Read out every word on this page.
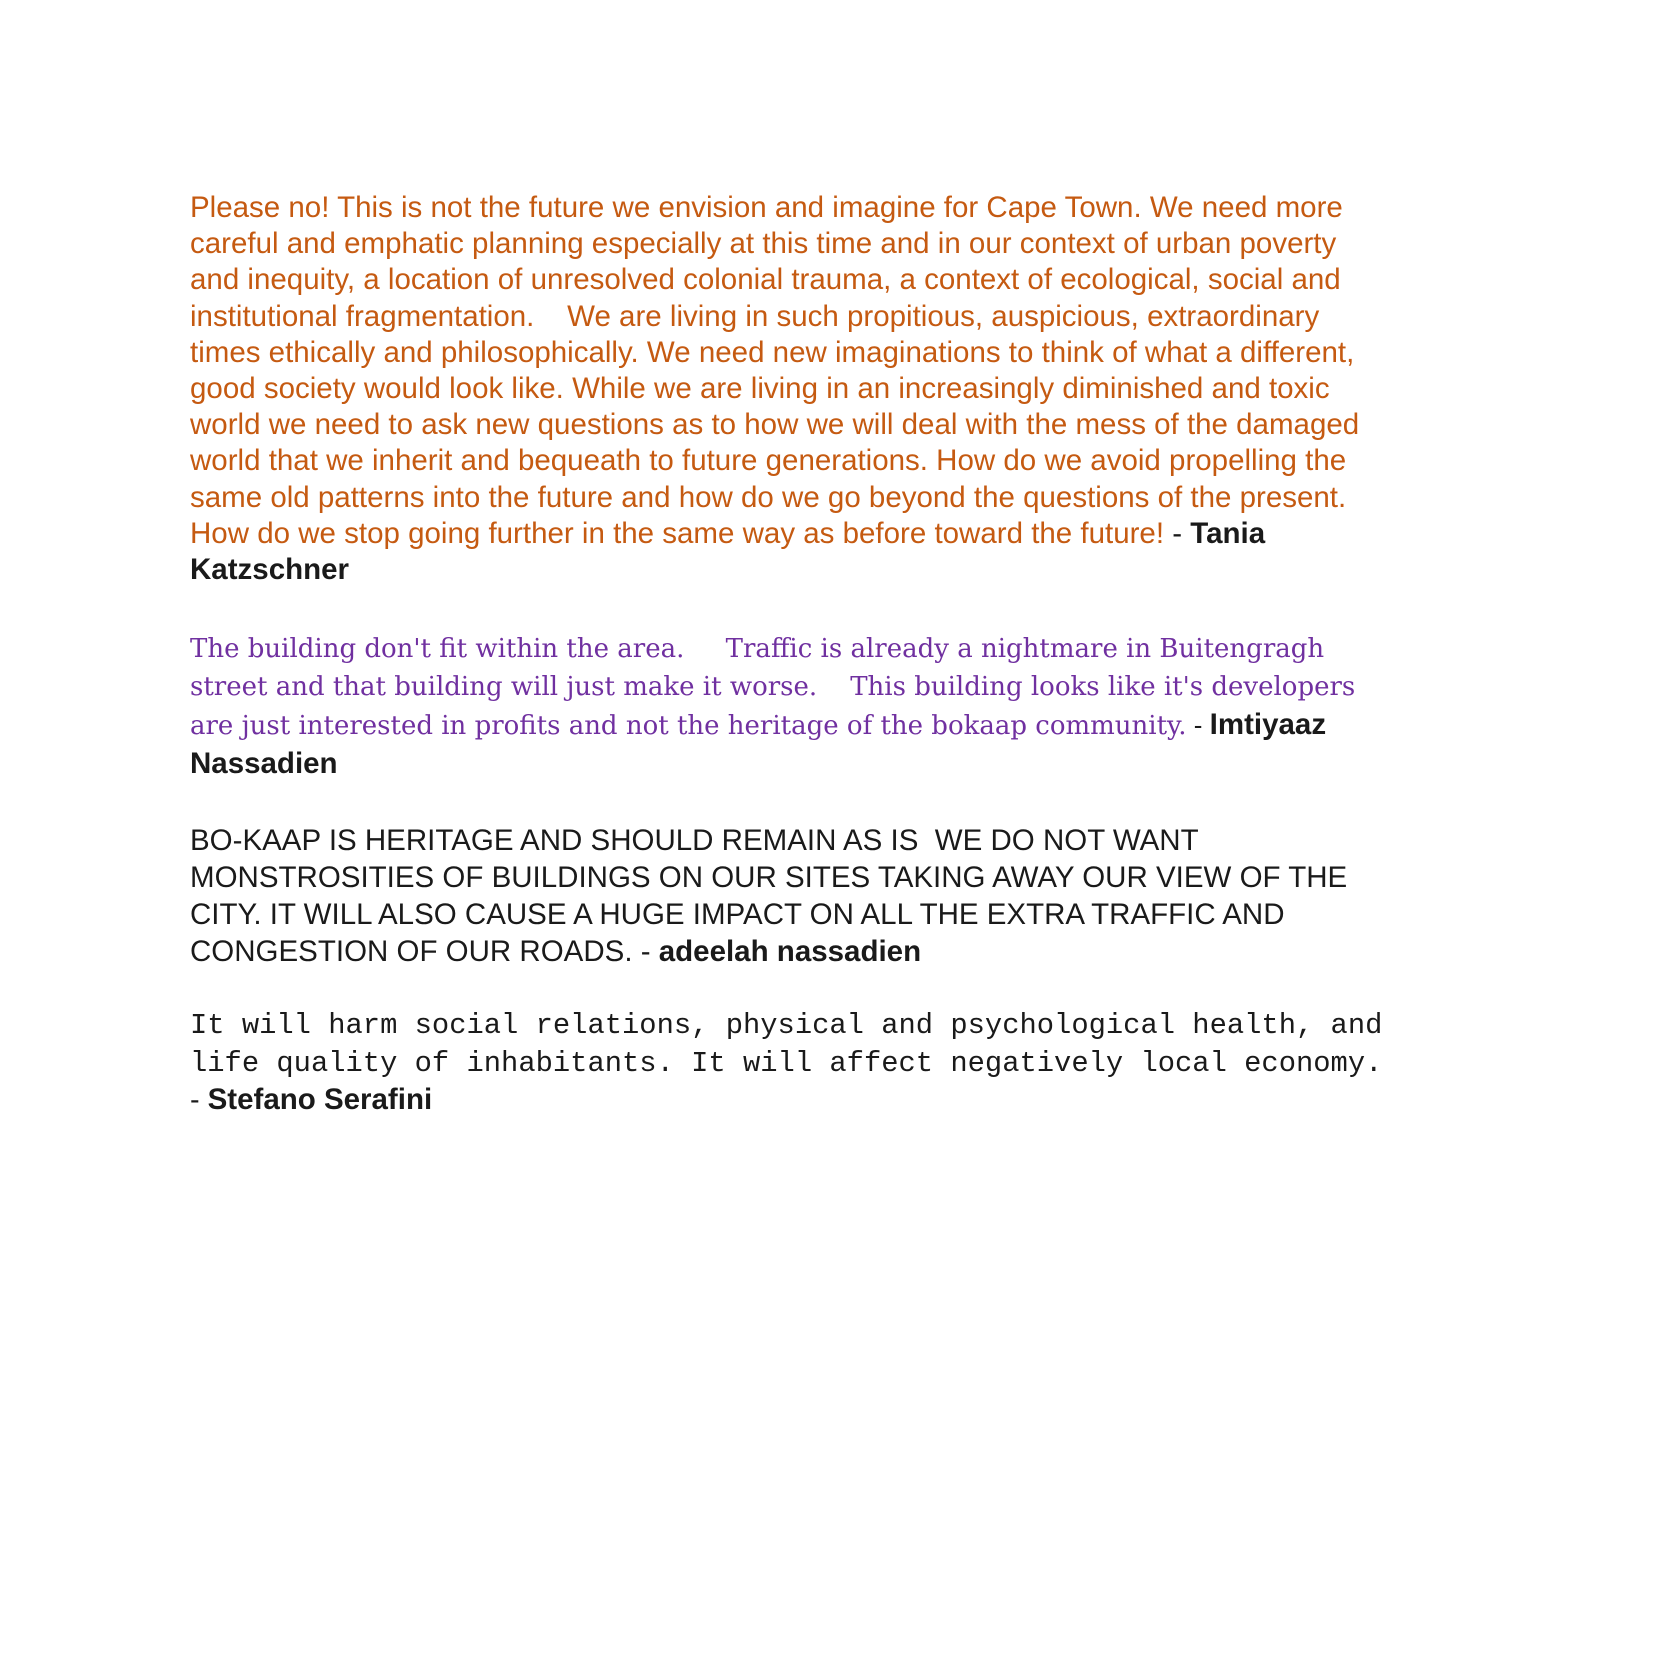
Please no! This is not the future we envision and imagine for Cape Town. We need more careful and emphatic planning especially at this time and in our context of urban poverty and inequity, a location of unresolved colonial trauma, a context of ecological, social and institutional fragmentation.    We are living in such propitious, auspicious, extraordinary times ethically and philosophically. We need new imaginations to think of what a different, good society would look like. While we are living in an increasingly diminished and toxic world we need to ask new questions as to how we will deal with the mess of the damaged world that we inherit and bequeath to future generations. How do we avoid propelling the same old patterns into the future and how do we go beyond the questions of the present. How do we stop going further in the same way as before toward the future! - Tania Katzschner

The building don't fit within the area.     Traffic is already a nightmare in Buitengragh street and that building will just make it worse.    This building looks like it's developers are just interested in profits and not the heritage of the bokaap community. - Imtiyaaz Nassadien

BO-KAAP IS HERITAGE AND SHOULD REMAIN AS IS  WE DO NOT WANT MONSTROSITIES OF BUILDINGS ON OUR SITES TAKING AWAY OUR VIEW OF THE CITY. IT WILL ALSO CAUSE A HUGE IMPACT ON ALL THE EXTRA TRAFFIC AND CONGESTION OF OUR ROADS. - adeelah nassadien

It will harm social relations, physical and psychological health, and life quality of inhabitants. It will affect negatively local economy. - Stefano Serafini
